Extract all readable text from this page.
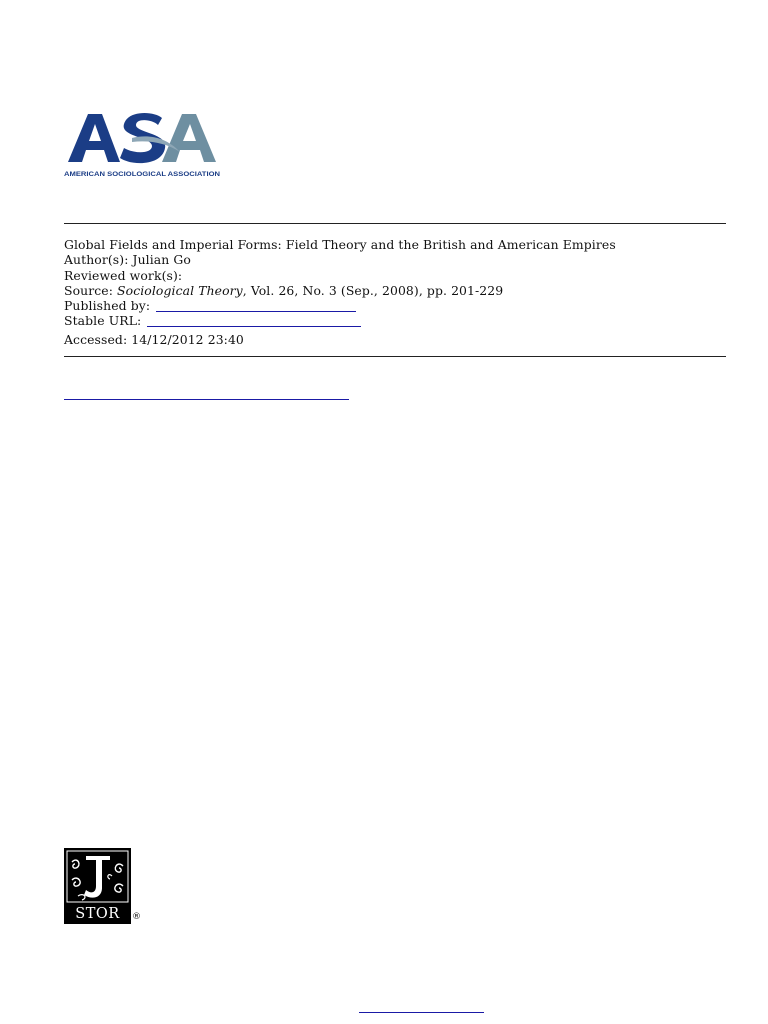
AMERICAN SOCIOLOGICAL ASSOCIATION
Global Fields and Imperial Forms: Field Theory and the British and American Empires
Author(s): Julian Go
Reviewed work(s):
Source: Sociological Theory, Vol. 26, No. 3 (Sep., 2008), pp. 201-229
Published by:
Stable URL:
Accessed: 14/12/2012 23:40
STOR	®
